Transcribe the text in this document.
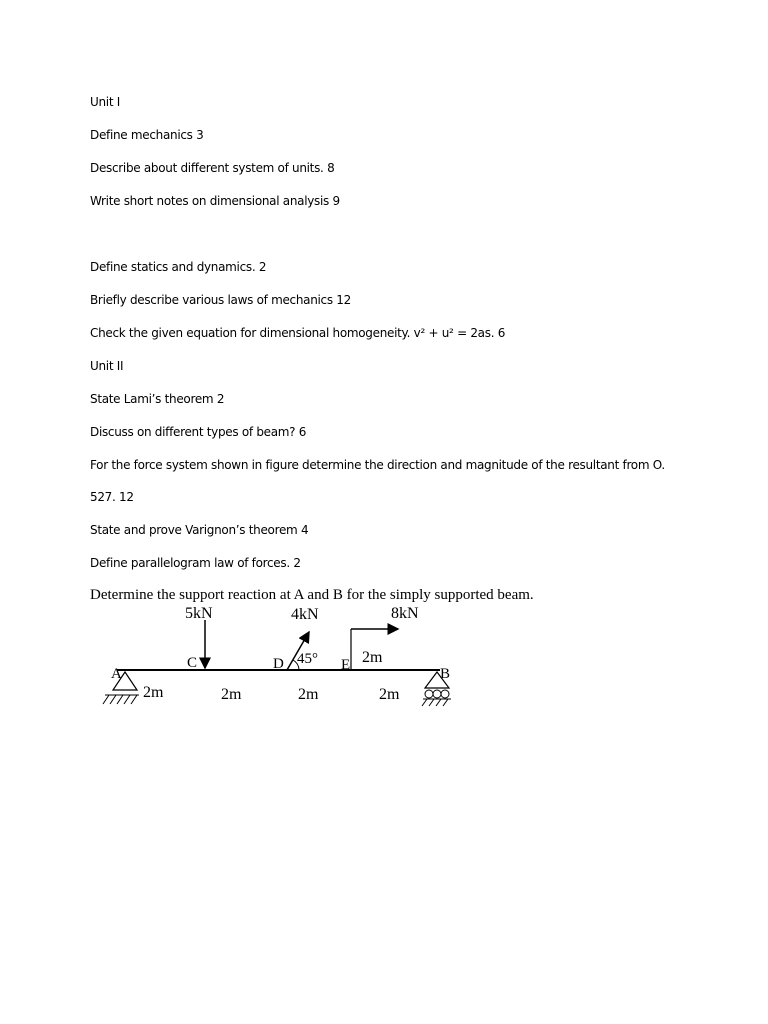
Unit I
Define mechanics 3
Describe about different system of units. 8
Write short notes on dimensional analysis 9
Define statics and dynamics. 2
Briefly describe various laws of mechanics 12
Check the given equation for dimensional homogeneity. v² + u² = 2as. 6
Unit II
State Lami’s theorem 2
Discuss on different types of beam? 6
For the force system shown in figure determine the direction and magnitude of the resultant from O.
527. 12
State and prove Varignon’s theorem 4
Define parallelogram law of forces. 2
Determine the support reaction at A and B for the simply supported beam.
5kN	4kN
45°
8kN
2m
A
C	D	E
B
2m	2m	2m	2m
